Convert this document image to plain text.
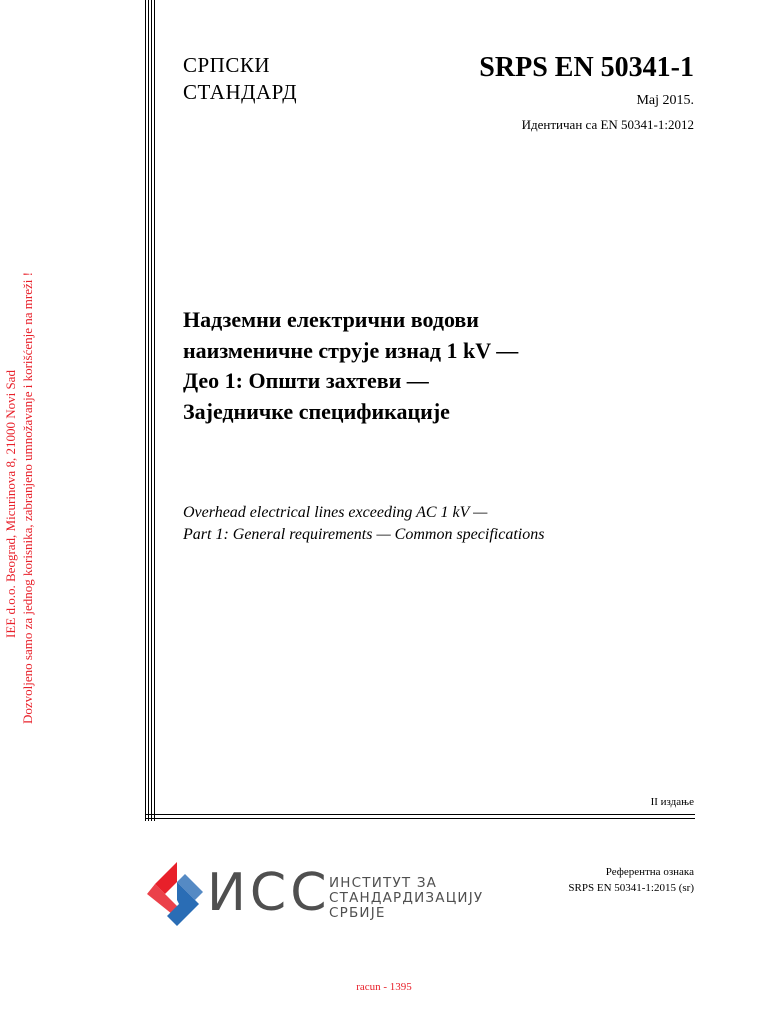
IEE d.o.o. Beograd, Micurinova 8, 21000 Novi Sad Dozvoljeno samo za jednog korisnika, zabranjeno umnožavanje i korišćenje na mreži !
СРПСКИ
СТАНДАРД
SRPS EN 50341-1
Мај 2015.
Идентичан са EN 50341-1:2012
Надземни електрични водови
наизменичне струје изнад 1 kV —
Део 1: Општи захтеви —
Заједничке спецификације
Overhead electrical lines exceeding AC 1 kV —
Part 1: General requirements — Common specifications
II издање
ИСС
ИНСТИТУТ ЗА
СТАНДАРДИЗАЦИЈУ
СРБИЈЕ
Референтна ознака
SRPS EN 50341-1:2015 (sr)
racun - 1395
